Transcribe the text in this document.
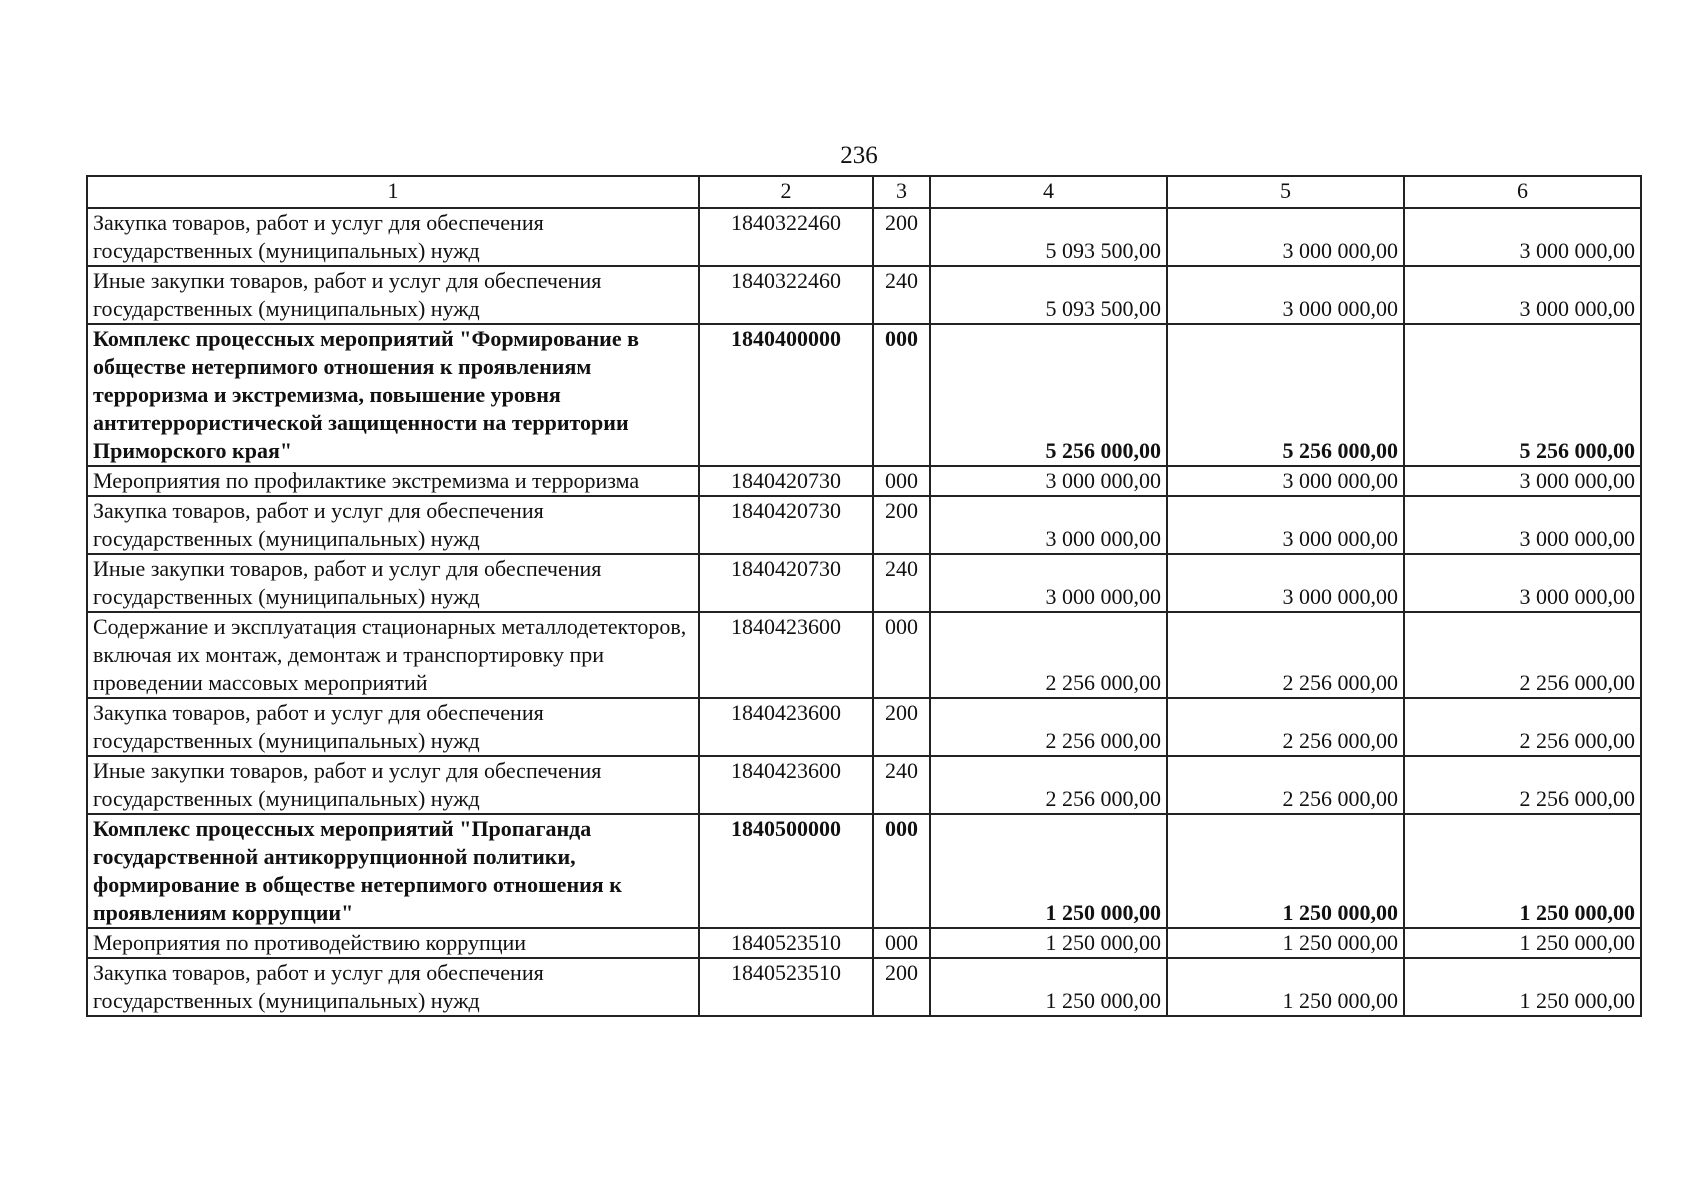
236
1	2	3	4	5	6
Закупка товаров, работ и услуг для обеспечения государственных (муниципальных) нужд	1840322460	200	5 093 500,00	3 000 000,00	3 000 000,00
Иные закупки товаров, работ и услуг для обеспечения государственных (муниципальных) нужд	1840322460	240	5 093 500,00	3 000 000,00	3 000 000,00
Комплекс процессных мероприятий "Формирование в обществе нетерпимого отношения к проявлениям терроризма и экстремизма, повышение уровня антитеррористической защищенности на территории Приморского края"	1840400000	000	5 256 000,00	5 256 000,00	5 256 000,00
Мероприятия по профилактике экстремизма и терроризма	1840420730	000	3 000 000,00	3 000 000,00	3 000 000,00
Закупка товаров, работ и услуг для обеспечения государственных (муниципальных) нужд	1840420730	200	3 000 000,00	3 000 000,00	3 000 000,00
Иные закупки товаров, работ и услуг для обеспечения государственных (муниципальных) нужд	1840420730	240	3 000 000,00	3 000 000,00	3 000 000,00
Содержание и эксплуатация стационарных металлодетекторов, включая их монтаж, демонтаж и транспортировку при проведении массовых мероприятий	1840423600	000	2 256 000,00	2 256 000,00	2 256 000,00
Закупка товаров, работ и услуг для обеспечения государственных (муниципальных) нужд	1840423600	200	2 256 000,00	2 256 000,00	2 256 000,00
Иные закупки товаров, работ и услуг для обеспечения государственных (муниципальных) нужд	1840423600	240	2 256 000,00	2 256 000,00	2 256 000,00
Комплекс процессных мероприятий "Пропаганда государственной антикоррупционной политики, формирование в обществе нетерпимого отношения к проявлениям коррупции"	1840500000	000	1 250 000,00	1 250 000,00	1 250 000,00
Мероприятия по противодействию коррупции	1840523510	000	1 250 000,00	1 250 000,00	1 250 000,00
Закупка товаров, работ и услуг для обеспечения государственных (муниципальных) нужд	1840523510	200	1 250 000,00	1 250 000,00	1 250 000,00
